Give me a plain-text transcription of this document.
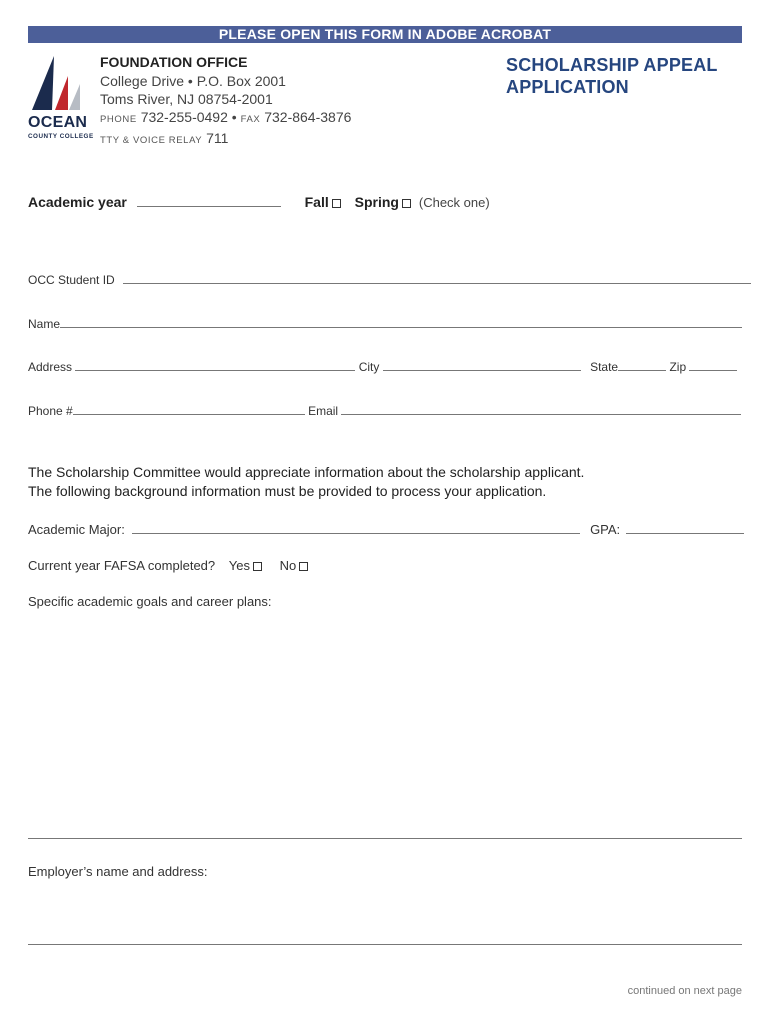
PLEASE OPEN THIS FORM IN ADOBE ACROBAT
OCEAN
COUNTY COLLEGE
FOUNDATION OFFICE
College Drive • P.O. Box 2001
Toms River, NJ 08754-2001
PHONE 732-255-0492 • FAX 732-864-3876
TTY & VOICE RELAY 711
SCHOLARSHIP APPEAL
APPLICATION
Academic year	Fall Spring (Check one)
OCC Student ID
Name
Address	City	State	Zip
Phone #	Email
The Scholarship Committee would appreciate information about the scholarship applicant.
The following background information must be provided to process your application.
Academic Major:	GPA:
Current year FAFSA completed? Yes No
Specific academic goals and career plans:
Employer’s name and address:
continued on next page
